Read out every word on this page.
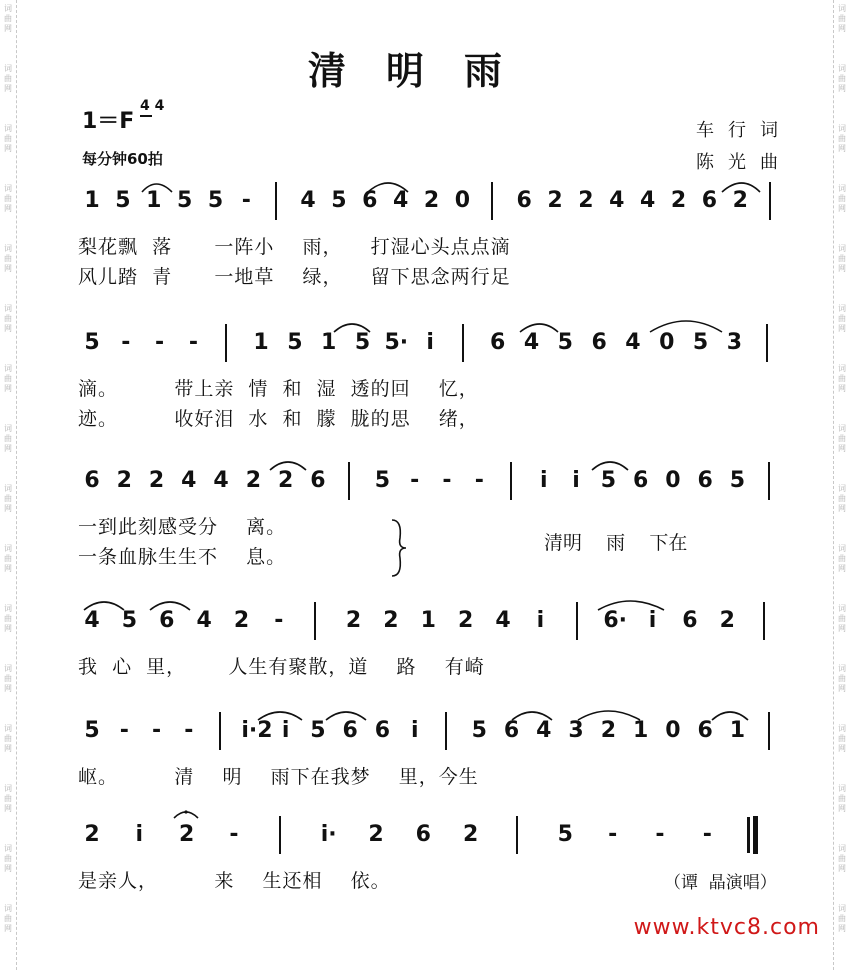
词
曲
网
词
曲
网
词
曲
网
词
曲
网
词
曲
网
词
曲
网
词
曲
网
词
曲
网
词
曲
网
词
曲
网
词
曲
网
词
曲
网
词
曲
网
词
曲
网
词
曲
网
词
曲
网
词
曲
网
词
曲
网
词
曲
网
词
曲
网
词
曲
网
词
曲
网
词
曲
网
词
曲
网
词
曲
网
词
曲
网
词
曲
网
词
曲
网
词
曲
网
词
曲
网
词
曲
网
词
曲
网
清明雨
1＝F
4 4
每分钟60拍
车行词
陈光曲
1 5 1 5 5 -	4 5 6 4 2 0 6 2 2 4 4 2 6 2
梨花飘  落      一阵小    雨，    打湿心头点点滴
风儿踏  青      一地草    绿，    留下思念两行足
5 -	-	-	1 5 1 5 5· i	6 4 5 6 4 0 5 3
滴。        带上亲  情  和  湿  透的回    忆，
迹。        收好泪  水  和  朦  胧的思    绪，
6 2 2 4 4 2 2 6 5 -	-	-	i	i 5 6 0 6 5
一到此刻感受分    离。
一条血脉生生不    息。
4 5 6 4 2	-	2 2 1 2 4	i	6· i	6 2
我  心  里，      人生有聚散，道    路    有崎
5 -	-	-	i·2 i 5 6 6 i	5 6 4 3 2 1 0 6 1
岖。        清    明    雨下在我梦    里，今生
2	i	2	-	i· 2 6 2	5	-	-	-
是亲人，        来    生还相    依。
清明    雨    下在
（谭  晶演唱）
www.ktvc8.com
